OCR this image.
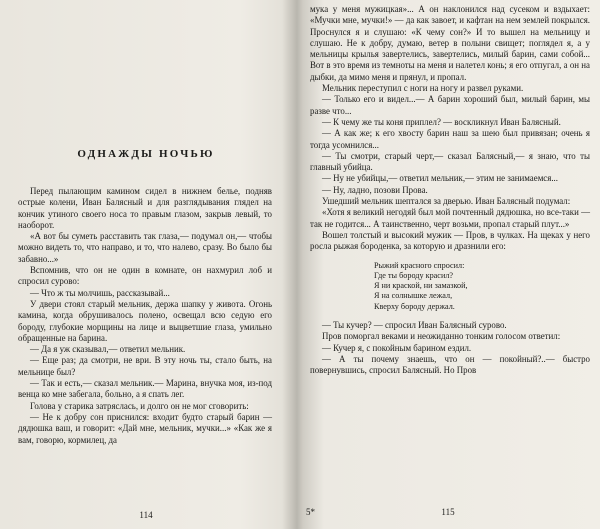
ОДНАЖДЫ НОЧЬЮ

Перед пылающим камином сидел в нижнем белье, подняв острые колени, Иван Балясный и для разглядывания глядел на кончик утиного своего носа то правым глазом, закрыв левый, то наоборот.

«А вот бы суметь расставить так глаза,— подумал он,— чтобы можно видеть то, что направо, и то, что налево, сразу. Во было бы забавно...»

Вспомнив, что он не один в комнате, он нахмурил лоб и спросил сурово:

— Что ж ты молчишь, рассказывай...

У двери стоял старый мельник, держа шапку у живота. Огонь камина, когда обрушивалось полено, освещал всю седую его бороду, глубокие морщины на лице и выцветшие глаза, умильно обращенные на барина.

— Да я уж сказывал,— ответил мельник.

— Еще раз; да смотри, не ври. В эту ночь ты, стало быть, на мельнице был?

— Так и есть,— сказал мельник.— Марина, внучка моя, из-под венца ко мне забегала, больно, а я спать лег.

Голова у старика затряслась, и долго он не мог сговорить:

— Не к добру сон приснился: входит будто старый барин — дядюшка ваш, и говорит: «Дай мне, мельник, мучки...» «Как же я вам, говорю, кормилец, да

114

мука у меня мужицкая»... А он наклонился над сусеком и вздыхает: «Мучки мне, мучки!» — да как завоет, и кафтан на нем землей покрылся. Проснулся я и слушаю: «К чему сон?» И то вышел на мельницу и слушаю. Не к добру, думаю, ветер в полыни свищет; поглядел я, а у мельницы крылья завертелись, завертелись, милый барин, сами собой... Вот в это время из темноты на меня и налетел конь; я его отпугал, а он на дыбки, да мимо меня и прянул, и пропал.

Мельник переступил с ноги на ногу и развел руками.

— Только его и видел...— А барин хороший был, милый барин, мы разве что...

— К чему же ты коня приплел? — воскликнул Иван Балясный.

— А как же; к его хвосту барин наш за шею был привязан; очень я тогда усомнился...

— Ты смотри, старый черт,— сказал Балясный,— я знаю, что ты главный убийца.

— Ну не убийцы,— ответил мельник,— этим не занимаемся...

— Ну, ладно, позови Прова.

Ушедший мельник шептался за дверью. Иван Балясный подумал:

«Хотя я великий негодяй был мой почтенный дядюшка, но все-таки — так не годится... А таинственно, черт возьми, пропал старый плут...»

Вошел толстый и высокий мужик — Пров, в чулках. На щеках у него росла рыжая бороденка, за которую и дразнили его:

Рыжий красного спросил:
Где ты бороду красил?
Я ни краской, ни замазкой,
Я на солнышке лежал,
Кверху бороду держал.

— Ты кучер? — спросил Иван Балясный сурово.

Пров поморгал веками и неожиданно тонким голосом ответил:

— Кучер я, с покойным барином ездил.

— А ты почему знаешь, что он — покойный?..— быстро повернувшись, спросил Балясный. Но Пров

5*	115
